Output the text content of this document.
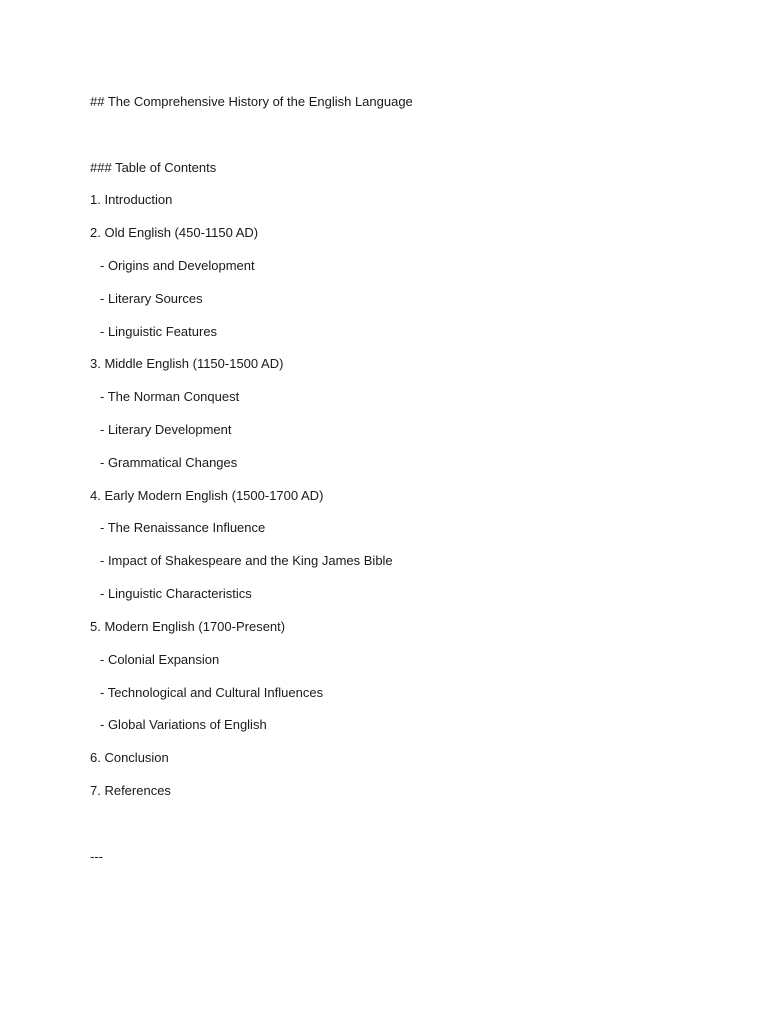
## The Comprehensive History of the English Language
### Table of Contents
1. Introduction
2. Old English (450-1150 AD)
- Origins and Development
- Literary Sources
- Linguistic Features
3. Middle English (1150-1500 AD)
- The Norman Conquest
- Literary Development
- Grammatical Changes
4. Early Modern English (1500-1700 AD)
- The Renaissance Influence
- Impact of Shakespeare and the King James Bible
- Linguistic Characteristics
5. Modern English (1700-Present)
- Colonial Expansion
- Technological and Cultural Influences
- Global Variations of English
6. Conclusion
7. References
---
